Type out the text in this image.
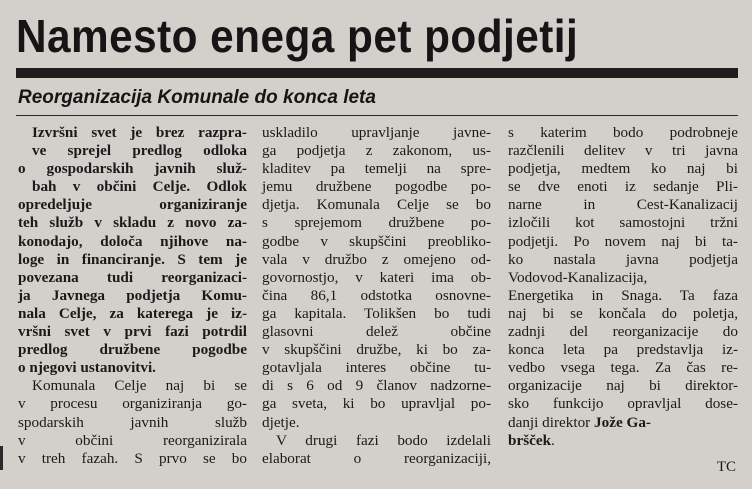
Namesto enega pet podjetij
Reorganizacija Komunale do konca leta
Izvršni svet je brez razpra-
ve sprejel predlog odloka
o gospodarskih javnih služ-
bah v občini Celje. Odlok
opredeljuje organiziranje
teh služb v skladu z novo za-
konodajo, določa njihove na-
loge in financiranje. S tem je
povezana tudi reorganizaci-
ja Javnega podjetja Komu-
nala Celje, za katerega je iz-
vršni svet v prvi fazi potrdil
predlog družbene pogodbe
o njegovi ustanovitvi.
Komunala Celje naj bi se
v procesu organiziranja go-
spodarskih javnih služb
v občini reorganizirala
v treh fazah. S prvo se bo
uskladilo upravljanje javne-
ga podjetja z zakonom, us-
kladitev pa temelji na spre-
jemu družbene pogodbe po-
djetja. Komunala Celje se bo
s sprejemom družbene po-
godbe v skupščini preobliko-
vala v družbo z omejeno od-
govornostjo, v kateri ima ob-
čina 86,1 odstotka osnovne-
ga kapitala. Tolikšen bo tudi
glasovni delež občine
v skupščini družbe, ki bo za-
gotavljala interes občine tu-
di s 6 od 9 članov nadzorne-
ga sveta, ki bo upravljal po-
djetje.
V drugi fazi bodo izdelali
elaborat o reorganizaciji,
s katerim bodo podrobneje
razčlenili delitev v tri javna
podjetja, medtem ko naj bi
se dve enoti iz sedanje Pli-
narne in Cest-Kanalizacij
izločili kot samostojni tržni
podjetji. Po novem naj bi ta-
ko nastala javna podjetja
Vodovod-Kanalizacija,
Energetika in Snaga. Ta faza
naj bi se končala do poletja,
zadnji del reorganizacije do
konca leta pa predstavlja iz-
vedbo vsega tega. Za čas re-
organizacije naj bi direktor-
sko funkcijo opravljal dose-
danji direktor Jože Ga-
bršček.
TC
